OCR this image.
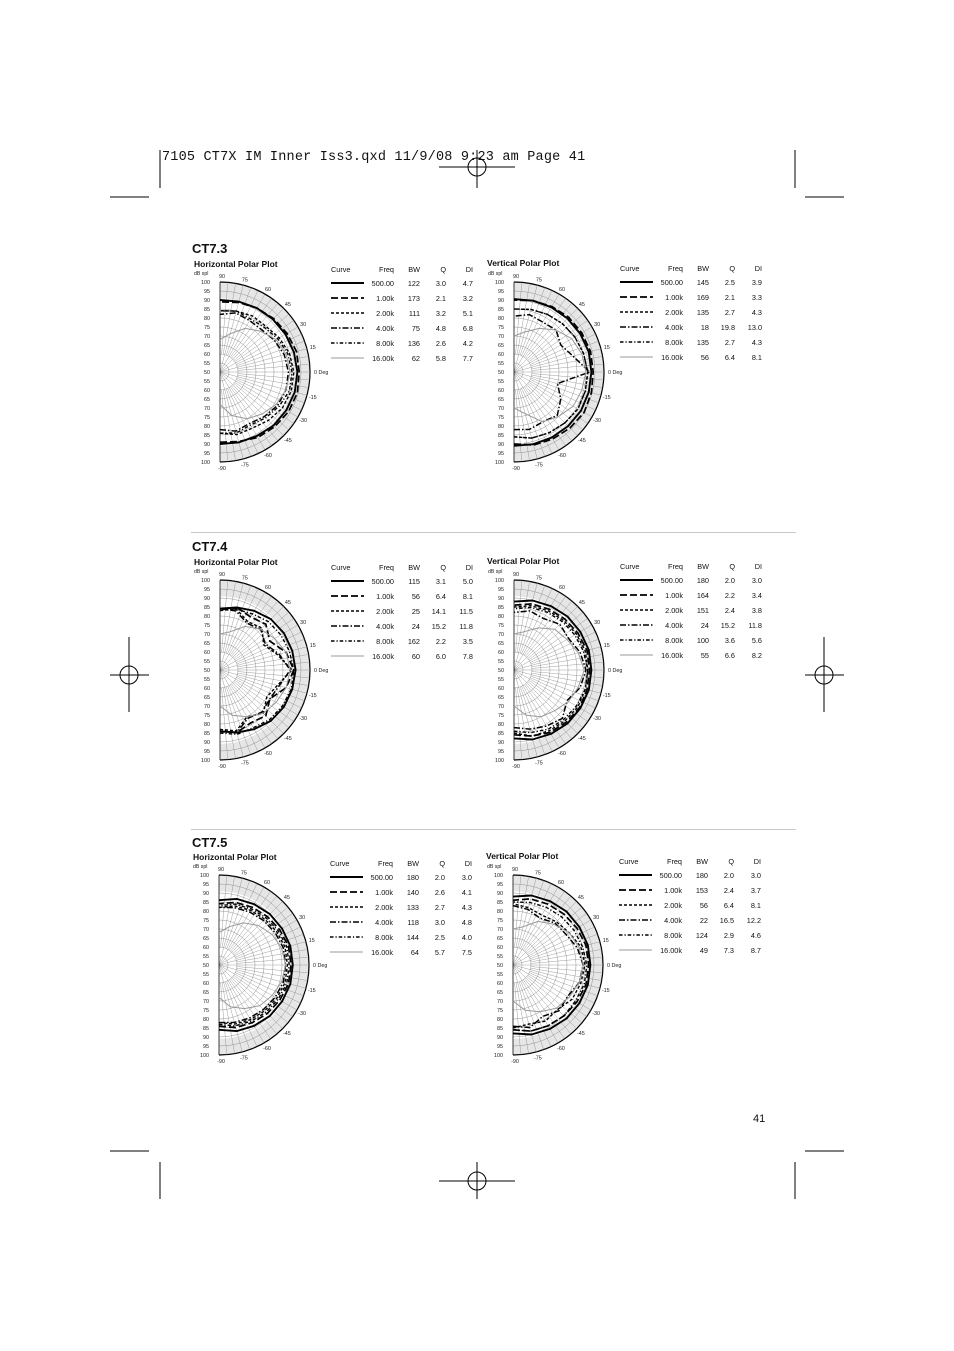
7105 CT7X IM Inner Iss3.qxd 11/9/08 9:23 am Page 41
CT7.3
Horizontal Polar Plot	Vertical Polar Plot
dB spl
100
95
90
85
80
75
70
65
60
55
50
55
60
65
70
75
80
85
90
95
100
90
75
60
45
30
15
-15
-30
-45
-60
-75
-90
0 Deg
dB spl
100
95
90
85
80
75
70
65
60
55
50
55
60
65
70
75
80
85
90
95
100
90
75
60
45
30
15
-15
-30
-45
-60
-75
-90
0 Deg
Curve	Freq	BW	Q	DI
	500.00	122	3.0	4.7
	1.00k	173	2.1	3.2
	2.00k	111	3.2	5.1
	4.00k	75	4.8	6.8
	8.00k	136	2.6	4.2
	16.00k	62	5.8	7.7
Curve	Freq	BW	Q	DI
	500.00	145	2.5	3.9
	1.00k	169	2.1	3.3
	2.00k	135	2.7	4.3
	4.00k	18	19.8	13.0
	8.00k	135	2.7	4.3
	16.00k	56	6.4	8.1
CT7.4
Horizontal Polar Plot	Vertical Polar Plot
dB spl
100
95
90
85
80
75
70
65
60
55
50
55
60
65
70
75
80
85
90
95
100
90
75
60
45
30
15
-15
-30
-45
-60
-75
-90
0 Deg
dB spl
100
95
90
85
80
75
70
65
60
55
50
55
60
65
70
75
80
85
90
95
100
90
75
60
45
30
15
-15
-30
-45
-60
-75
-90
0 Deg
Curve	Freq	BW	Q	DI
	500.00	115	3.1	5.0
	1.00k	56	6.4	8.1
	2.00k	25	14.1	11.5
	4.00k	24	15.2	11.8
	8.00k	162	2.2	3.5
	16.00k	60	6.0	7.8
Curve	Freq	BW	Q	DI
	500.00	180	2.0	3.0
	1.00k	164	2.2	3.4
	2.00k	151	2.4	3.8
	4.00k	24	15.2	11.8
	8.00k	100	3.6	5.6
	16.00k	55	6.6	8.2
CT7.5
Horizontal Polar Plot	Vertical Polar Plot
dB spl
100
95
90
85
80
75
70
65
60
55
50
55
60
65
70
75
80
85
90
95
100
90
75
60
45
30
15
-15
-30
-45
-60
-75
-90
0 Deg
dB spl
100
95
90
85
80
75
70
65
60
55
50
55
60
65
70
75
80
85
90
95
100
90
75
60
45
30
15
-15
-30
-45
-60
-75
-90
0 Deg
Curve	Freq	BW	Q	DI
	500.00	180	2.0	3.0
	1.00k	140	2.6	4.1
	2.00k	133	2.7	4.3
	4.00k	118	3.0	4.8
	8.00k	144	2.5	4.0
	16.00k	64	5.7	7.5
Curve	Freq	BW	Q	DI
	500.00	180	2.0	3.0
	1.00k	153	2.4	3.7
	2.00k	56	6.4	8.1
	4.00k	22	16.5	12.2
	8.00k	124	2.9	4.6
	16.00k	49	7.3	8.7
41
